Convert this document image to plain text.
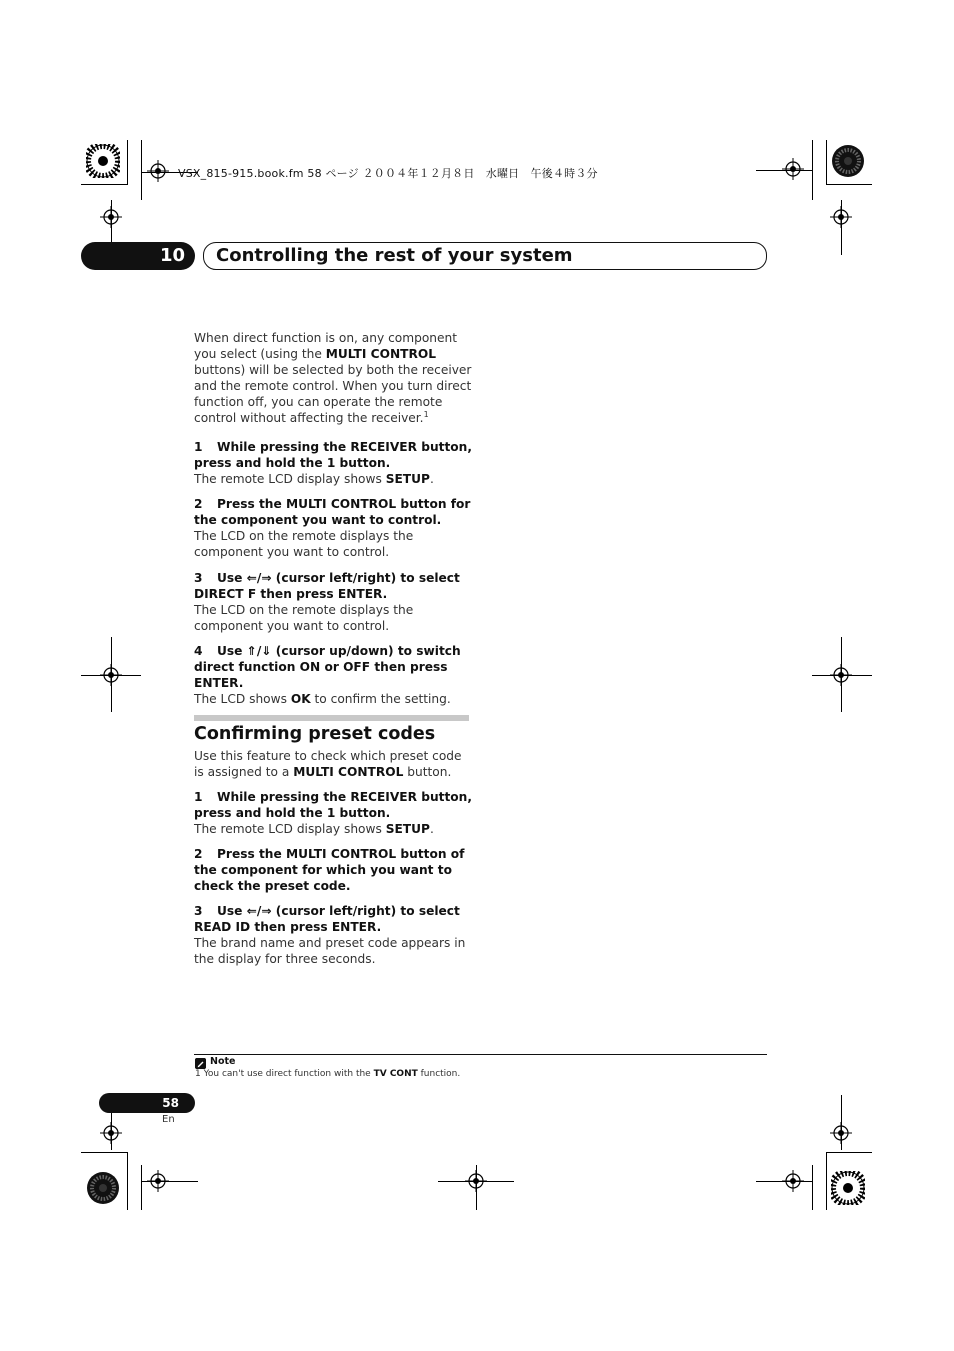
VSX_815-915.book.fm 58 ページ ２００４年１２月８日　水曜日　午後４時３分
10 Controlling the rest of your system

When direct function is on, any component you select (using the MULTI CONTROL buttons) will be selected by both the receiver and the remote control. When you turn direct function off, you can operate the remote control without affecting the receiver.$^1$

1 While pressing the RECEIVER button, press and hold the 1 button.

The remote LCD display shows SETUP.

2 Press the MULTI CONTROL button for the component you want to control.

The LCD on the remote displays the component you want to control.

3 Use ⇐/⇒ (cursor left/right) to select DIRECT F then press ENTER.

The LCD on the remote displays the component you want to control.

4 Use ⇑/⇓ (cursor up/down) to switch direct function ON or OFF then press ENTER.

The LCD shows OK to confirm the setting.

Confirming preset codes

Use this feature to check which preset code is assigned to a MULTI CONTROL button.

1 While pressing the RECEIVER button, press and hold the 1 button.

The remote LCD display shows SETUP.

2 Press the MULTI CONTROL button of the component for which you want to check the preset code.

3 Use ⇐/⇒ (cursor left/right) to select READ ID then press ENTER.

The brand name and preset code appears in the display for three seconds.

Note
1 You can't use direct function with the TV CONT function.
58
En
